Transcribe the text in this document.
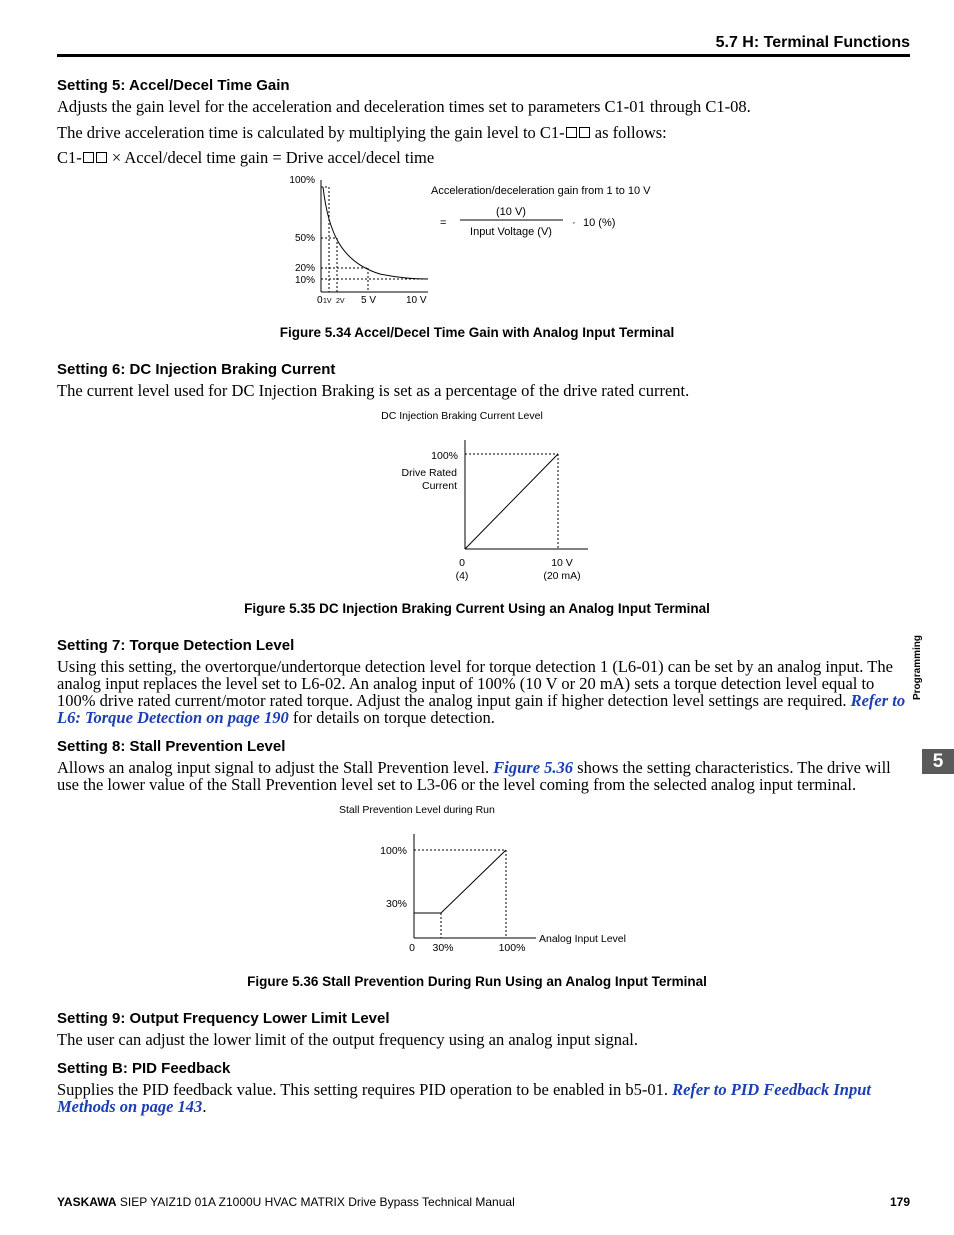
5.7 H: Terminal Functions
Setting 5: Accel/Decel Time Gain
Adjusts the gain level for the acceleration and deceleration times set to parameters C1-01 through C1-08.
The drive acceleration time is calculated by multiplying the gain level to C1- as follows:
C1- × Accel/decel time gain = Drive accel/decel time
100%
50%
20%
10%
0 1V 2V 5 V	10 V
Acceleration/deceleration gain from 1 to 10 V
=
(10 V)
Input Voltage (V)
· 10 (%)
Figure 5.34 Accel/Decel Time Gain with Analog Input Terminal
Setting 6: DC Injection Braking Current
The current level used for DC Injection Braking is set as a percentage of the drive rated current.
DC Injection Braking Current Level
100%
Drive Rated
Current
0
(4)
10 V
(20 mA)
Figure 5.35 DC Injection Braking Current Using an Analog Input Terminal
Setting 7: Torque Detection Level
Using this setting, the overtorque/undertorque detection level for torque detection 1 (L6-01) can be set by an analog input. The analog input replaces the level set to L6-02. An analog input of 100% (10 V or 20 mA) sets a torque detection level equal to 100% drive rated current/motor rated torque. Adjust the analog input gain if higher detection level settings are required. Refer to L6: Torque Detection on page 190 for details on torque detection.
Setting 8: Stall Prevention Level
Allows an analog input signal to adjust the Stall Prevention level. Figure 5.36 shows the setting characteristics. The drive will use the lower value of the Stall Prevention level set to L3-06 or the level coming from the selected analog input terminal.
Stall Prevention Level during Run
100%
30%
0 30%	100%
Analog Input Level
Figure 5.36 Stall Prevention During Run Using an Analog Input Terminal
Setting 9: Output Frequency Lower Limit Level
The user can adjust the lower limit of the output frequency using an analog input signal.
Setting B: PID Feedback
Supplies the PID feedback value. This setting requires PID operation to be enabled in b5-01. Refer to PID Feedback Input Methods on page 143.
Programming
5
YASKAWA SIEP YAIZ1D 01A Z1000U HVAC MATRIX Drive Bypass Technical Manual	179
